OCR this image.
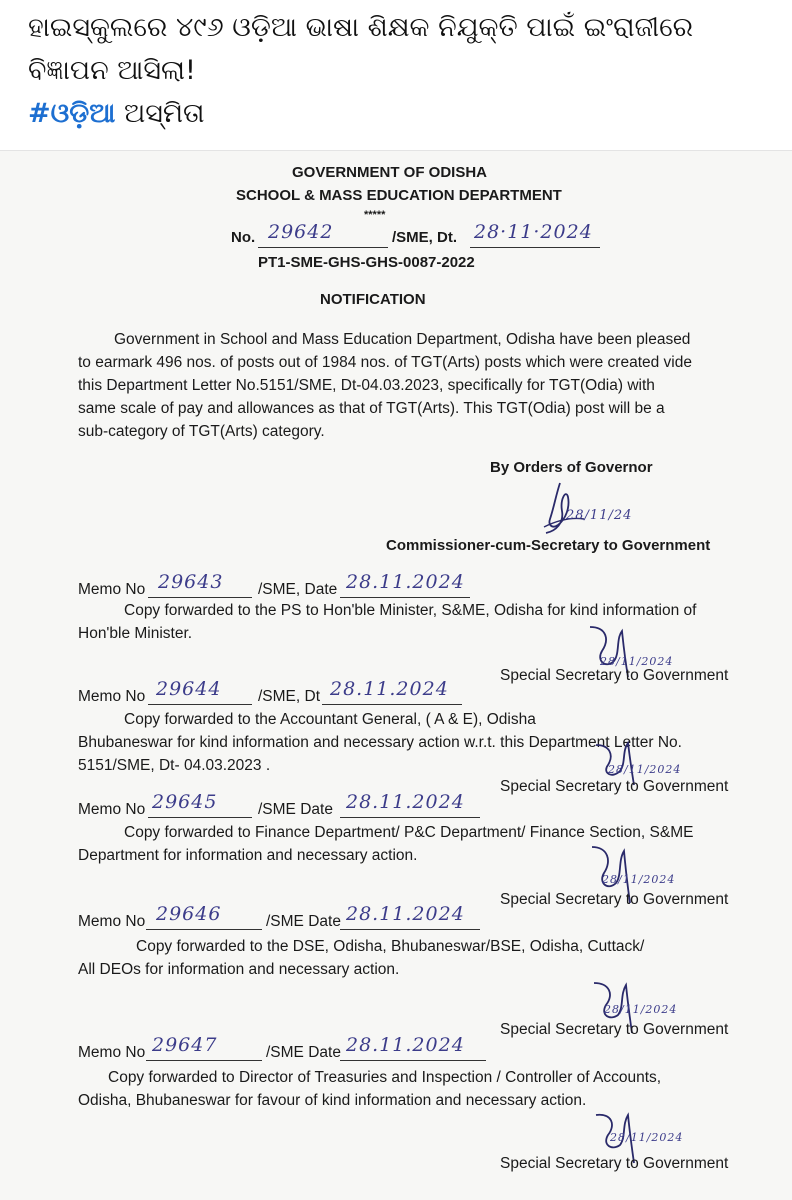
ହାଇସ୍କୁଲରେ ୪୯୬ ଓଡ଼ିଆ ଭାଷା ଶିକ୍ଷକ ନିଯୁକ୍ତି ପାଇଁ ଇଂରାଜୀରେ
ବିଜ୍ଞାପନ ଆସିଲା!
#ଓଡ଼ିଆ ଅସ୍ମିତା
GOVERNMENT OF ODISHA
SCHOOL & MASS EDUCATION DEPARTMENT
*****
No. 29642	/SME, Dt. 28·11·2024
PT1-SME-GHS-GHS-0087-2022
NOTIFICATION
Government in School and Mass Education Department, Odisha have been pleased
to earmark 496 nos. of posts out of 1984 nos. of TGT(Arts) posts which were created vide
this Department Letter No.5151/SME, Dt-04.03.2023, specifically for TGT(Odia) with
same scale of pay and allowances as that of TGT(Arts). This TGT(Odia) post will be a
sub-category of TGT(Arts) category.
By Orders of Governor
28/11/24
Commissioner-cum-Secretary to Government
Memo No 29643 /SME, Date 28.11.2024
Copy forwarded to the PS to Hon'ble Minister, S&ME, Odisha for kind information of
Hon'ble Minister.
28/11/2024
Special Secretary to Government
Memo No 29644 /SME, Dt 28.11.2024
Copy forwarded to the Accountant General, ( A & E), Odisha
Bhubaneswar for kind information and necessary action w.r.t. this Department Letter No.
5151/SME, Dt- 04.03.2023 .	28/11/2024
Special Secretary to Government
Memo No 29645	/SME Date 28.11.2024
Copy forwarded to Finance Department/ P&C Department/ Finance Section, S&ME
Department for information and necessary action.
28/11/2024
Special Secretary to Government
Memo No 29646	/SME Date 28.11.2024
Copy forwarded to the DSE, Odisha, Bhubaneswar/BSE, Odisha, Cuttack/
All DEOs for information and necessary action.
28/11/2024
Special Secretary to Government
Memo No 29647	/SME Date 28.11.2024
Copy forwarded to Director of Treasuries and Inspection / Controller of Accounts,
Odisha, Bhubaneswar for favour of kind information and necessary action.
28/11/2024
Special Secretary to Government
